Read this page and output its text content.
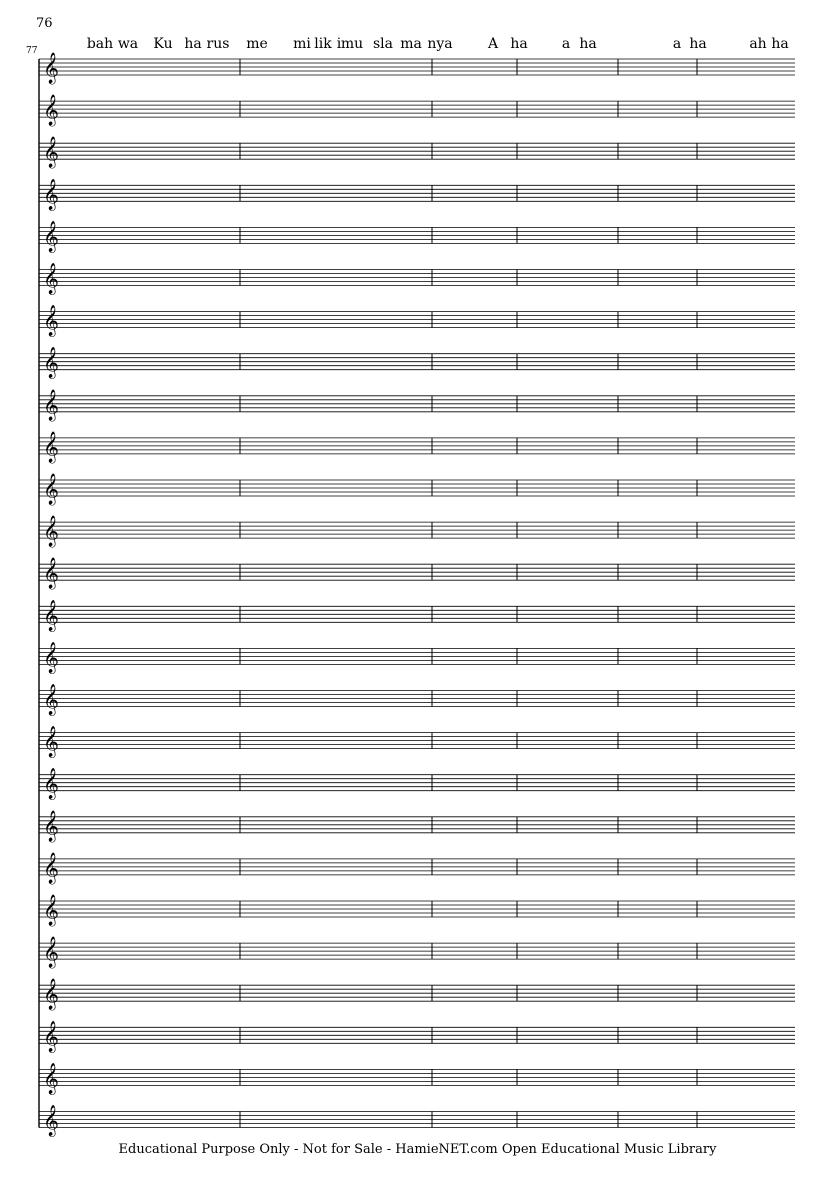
76
77	bah wa Ku ha rus me mi lik i mu sla ma nya	A ha a ha	a ha	ah ha
𝄞
𝄞
𝄞
𝄞
𝄞
𝄞
𝄞
𝄞
𝄞
𝄞
𝄞
𝄞
𝄞
𝄞
𝄞
𝄞
𝄞
𝄞
𝄞
𝄞
𝄞
𝄞
𝄞
𝄞
𝄞
𝄞
Educational Purpose Only - Not for Sale - HamieNET.com Open Educational Music Library
